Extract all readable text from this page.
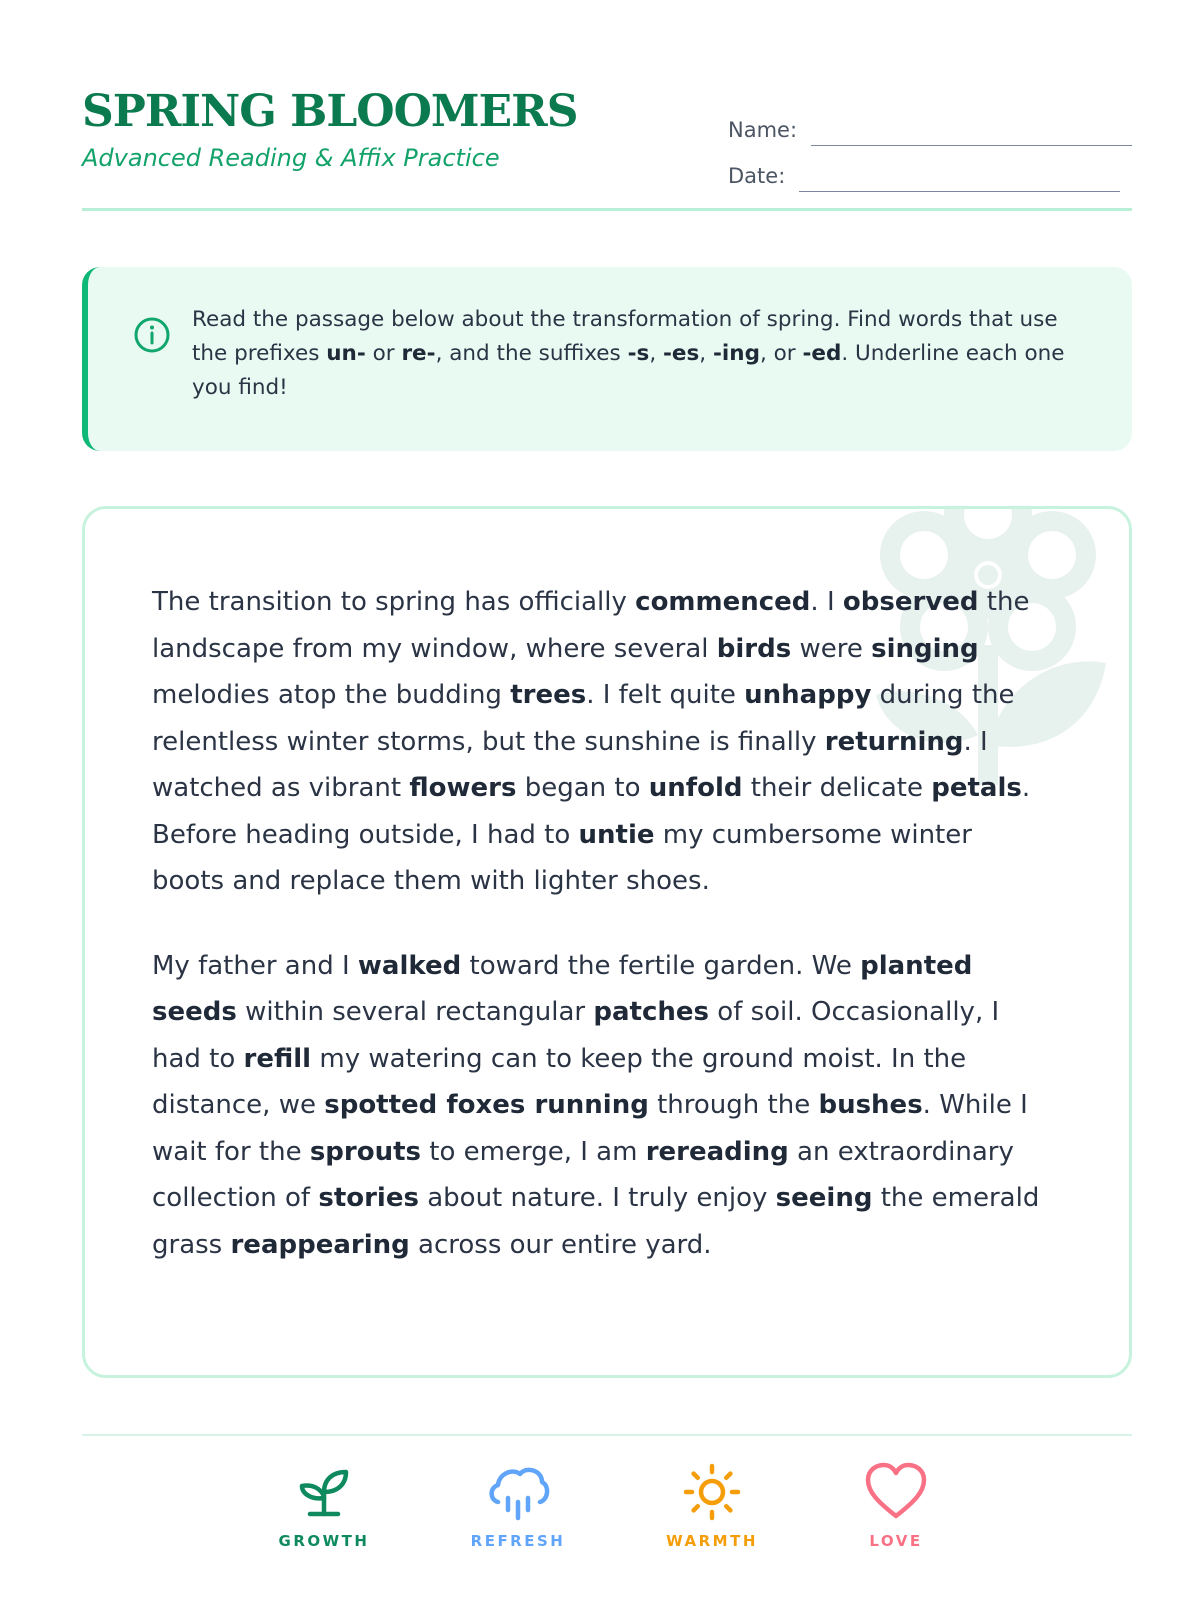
SPRING BLOOMERS
Advanced Reading & Affix Practice
Name:
Date:
Read the passage below about the transformation of spring. Find words that use the prefixes un- or re-, and the suffixes -s, -es, -ing, or -ed. Underline each one you find!

The transition to spring has officially commenced. I observed the landscape from my window, where several birds were singing melodies atop the budding trees. I felt quite unhappy during the relentless winter storms, but the sunshine is finally returning. I watched as vibrant flowers began to unfold their delicate petals. Before heading outside, I had to untie my cumbersome winter boots and replace them with lighter shoes.

My father and I walked toward the fertile garden. We planted seeds within several rectangular patches of soil. Occasionally, I had to refill my watering can to keep the ground moist. In the distance, we spotted foxes running through the bushes. While I wait for the sprouts to emerge, I am rereading an extraordinary collection of stories about nature. I truly enjoy seeing the emerald grass reappearing across our entire yard.

GROWTH	REFRESH	WARMTH	LOVE
